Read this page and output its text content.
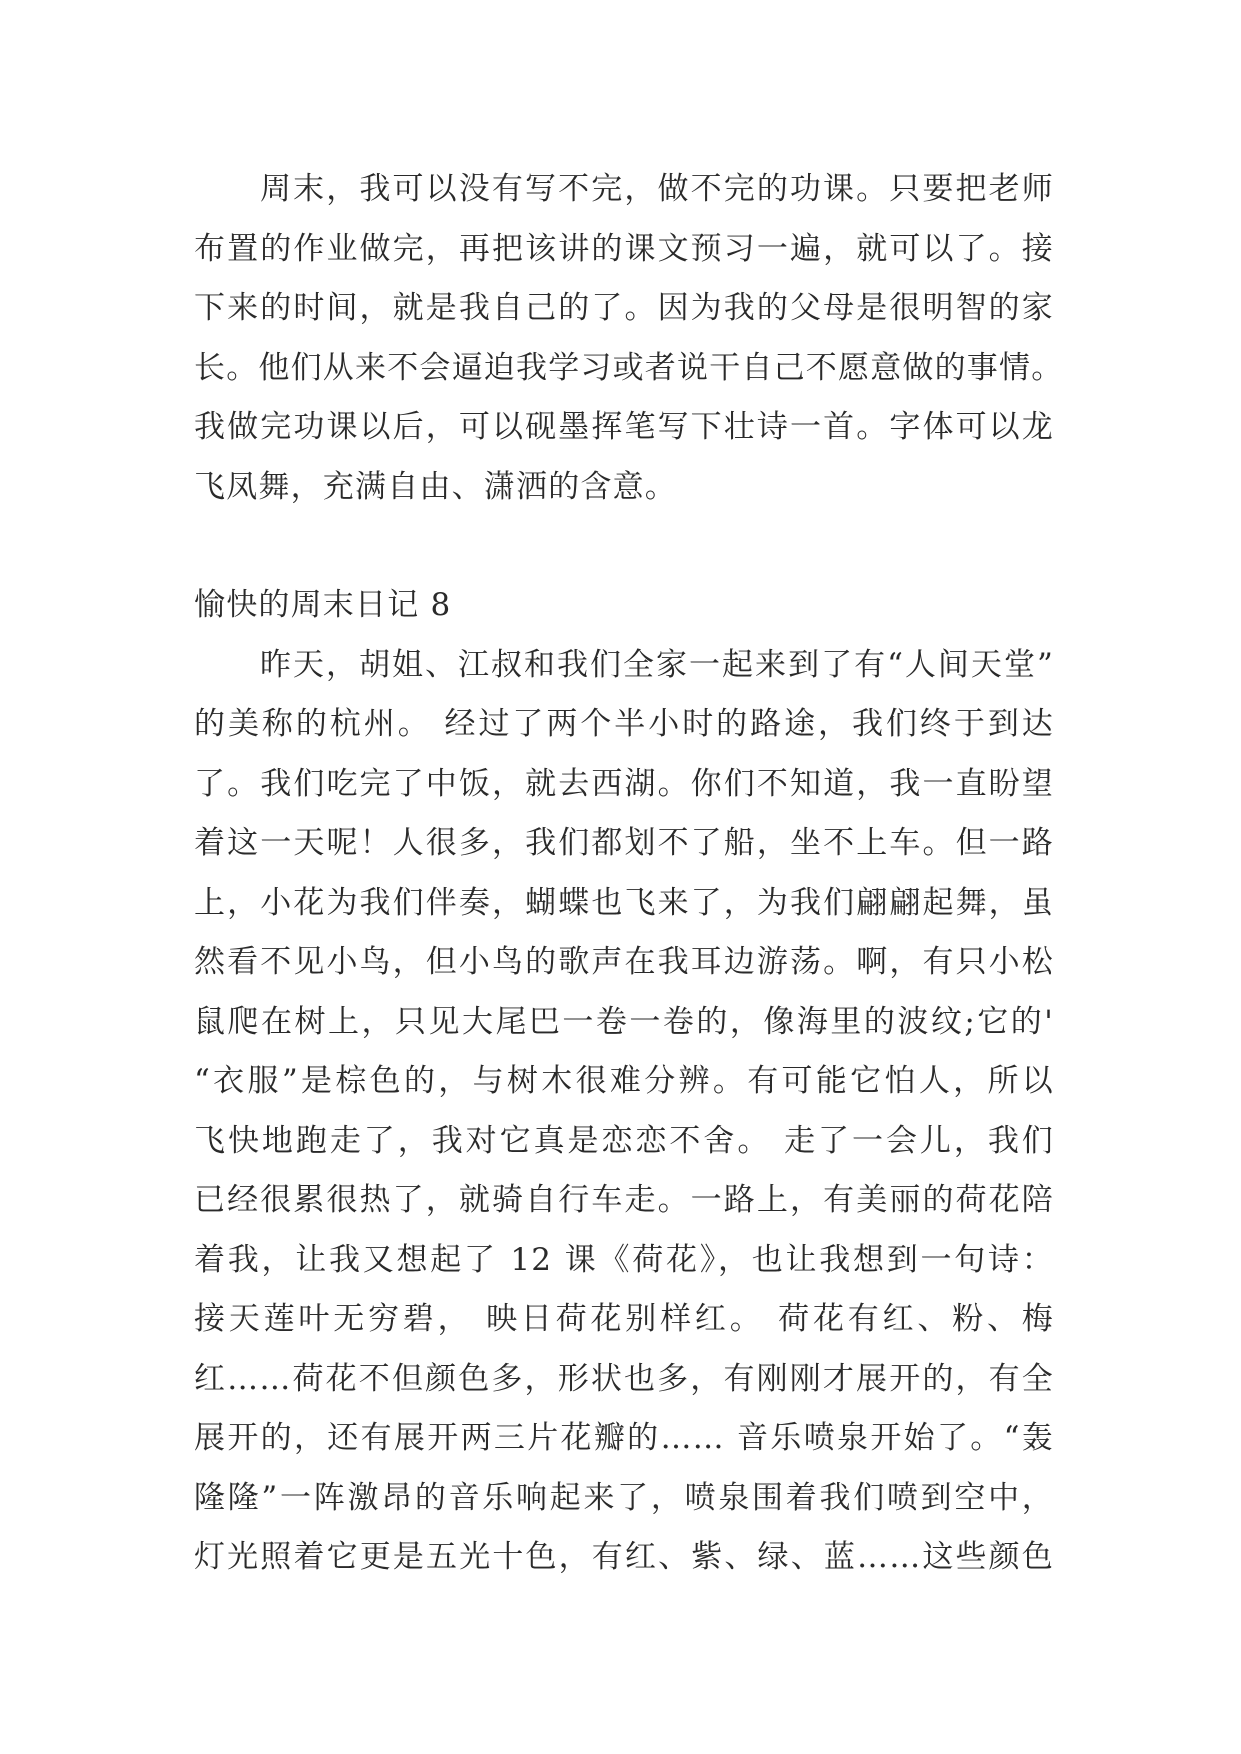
周末，我可以没有写不完，做不完的功课。只要把老师
布置的作业做完，再把该讲的课文预习一遍，就可以了。接
下来的时间，就是我自己的了。因为我的父母是很明智的家
长。他们从来不会逼迫我学习或者说干自己不愿意做的事情。
我做完功课以后，可以砚墨挥笔写下壮诗一首。字体可以龙
飞凤舞，充满自由、潇洒的含意。
愉快的周末日记 8
昨天，胡姐、江叔和我们全家一起来到了有“人间天堂”
的美称的杭州。 经过了两个半小时的路途，我们终于到达
了。我们吃完了中饭，就去西湖。你们不知道，我一直盼望
着这一天呢！人很多，我们都划不了船，坐不上车。但一路
上，小花为我们伴奏，蝴蝶也飞来了，为我们翩翩起舞，虽
然看不见小鸟，但小鸟的歌声在我耳边游荡。啊，有只小松
鼠爬在树上，只见大尾巴一卷一卷的，像海里的波纹;它的'
“衣服”是棕色的，与树木很难分辨。有可能它怕人，所以
飞快地跑走了，我对它真是恋恋不舍。 走了一会儿，我们
已经很累很热了，就骑自行车走。一路上，有美丽的荷花陪
着我，让我又想起了 12 课《荷花》，也让我想到一句诗：
接天莲叶无穷碧， 映日荷花别样红。 荷花有红、粉、梅
红……荷花不但颜色多，形状也多，有刚刚才展开的，有全
展开的，还有展开两三片花瓣的…… 音乐喷泉开始了。“轰
隆隆”一阵激昂的音乐响起来了，喷泉围着我们喷到空中，
灯光照着它更是五光十色，有红、紫、绿、蓝……这些颜色
